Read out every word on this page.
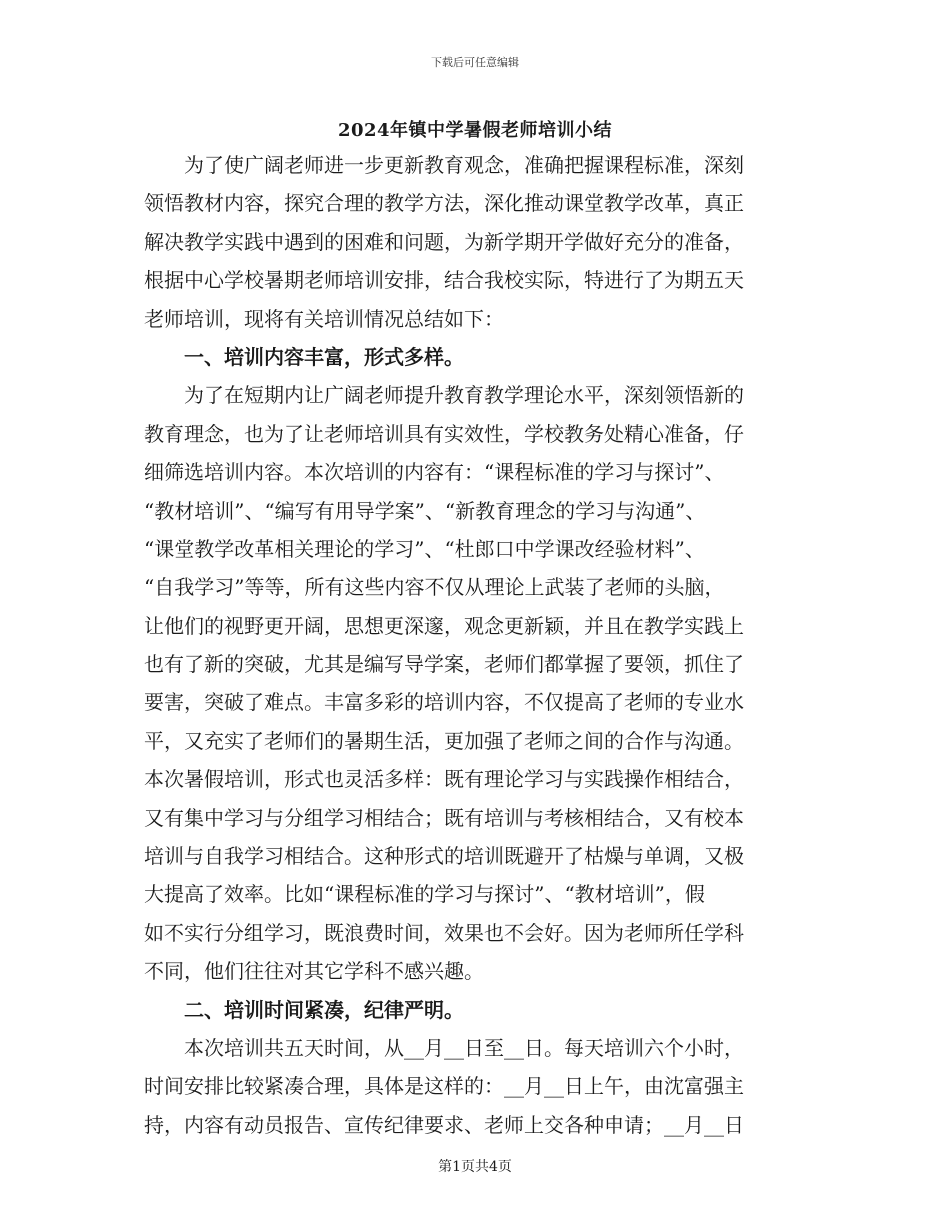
下载后可任意编辑
2024年镇中学暑假老师培训小结
为了使广阔老师进一步更新教育观念，准确把握课程标准，深刻
领悟教材内容，探究合理的教学方法，深化推动课堂教学改革，真正
解决教学实践中遇到的困难和问题，为新学期开学做好充分的准备，
根据中心学校暑期老师培训安排，结合我校实际，特进行了为期五天
老师培训，现将有关培训情况总结如下：
一、培训内容丰富，形式多样。
为了在短期内让广阔老师提升教育教学理论水平，深刻领悟新的
教育理念，也为了让老师培训具有实效性，学校教务处精心准备，仔
细筛选培训内容。本次培训的内容有：“课程标准的学习与探讨”、
“教材培训”、“编写有用导学案”、“新教育理念的学习与沟通”、
“课堂教学改革相关理论的学习”、“杜郎口中学课改经验材料”、
“自我学习”等等，所有这些内容不仅从理论上武装了老师的头脑，
让他们的视野更开阔，思想更深邃，观念更新颖，并且在教学实践上
也有了新的突破，尤其是编写导学案，老师们都掌握了要领，抓住了
要害，突破了难点。丰富多彩的培训内容，不仅提高了老师的专业水
平，又充实了老师们的暑期生活，更加强了老师之间的合作与沟通。
本次暑假培训，形式也灵活多样：既有理论学习与实践操作相结合，
又有集中学习与分组学习相结合；既有培训与考核相结合，又有校本
培训与自我学习相结合。这种形式的培训既避开了枯燥与单调，又极
大提高了效率。比如“课程标准的学习与探讨”、“教材培训”，假
如不实行分组学习，既浪费时间，效果也不会好。因为老师所任学科
不同，他们往往对其它学科不感兴趣。
二、培训时间紧凑，纪律严明。
本次培训共五天时间，从__月__日至__日。每天培训六个小时，
时间安排比较紧凑合理，具体是这样的：__月__日上午，由沈富强主
持，内容有动员报告、宣传纪律要求、老师上交各种申请；__月__日
第1页共4页
